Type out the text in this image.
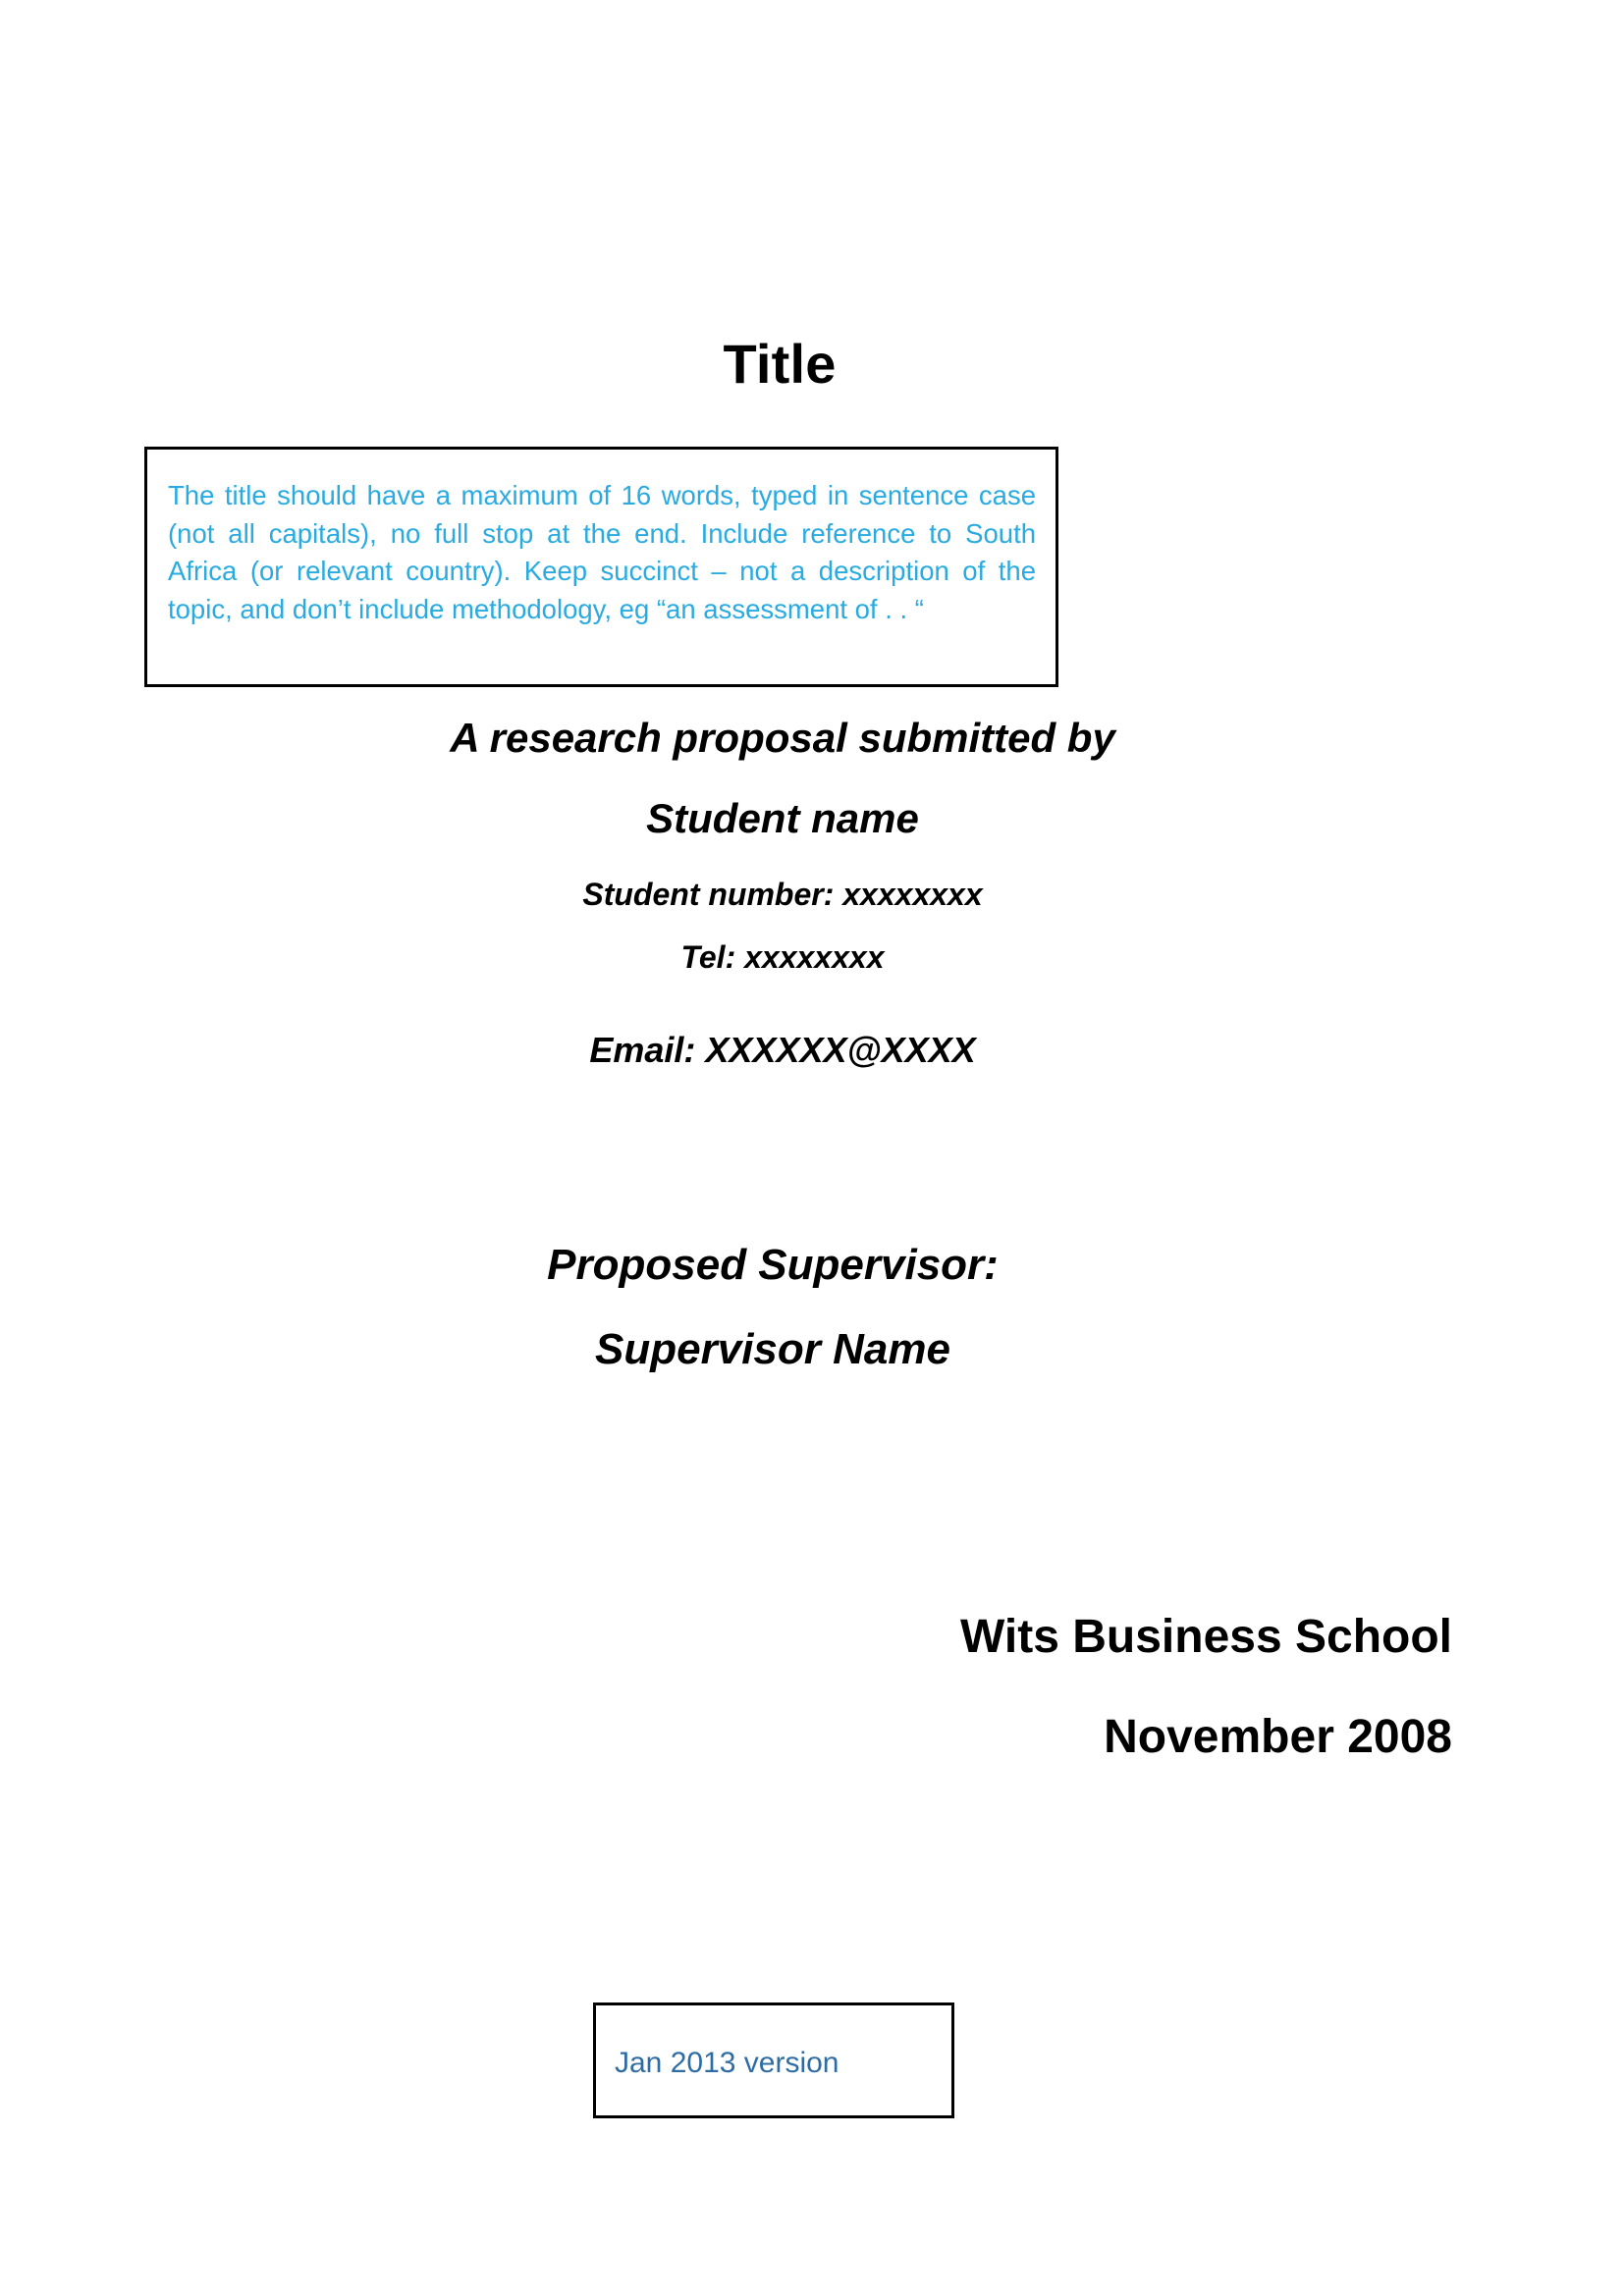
Title
The title should have a maximum of 16 words, typed in sentence case (not all capitals), no full stop at the end. Include reference to South Africa (or relevant country). Keep succinct – not a description of the topic, and don’t include methodology, eg “an assessment of . . “
A research proposal submitted by
Student name
Student number: xxxxxxxx
Tel: xxxxxxxx
Email: XXXXXX@XXXX
Proposed Supervisor:
Supervisor Name
Wits Business School
November 2008
Jan 2013 version
